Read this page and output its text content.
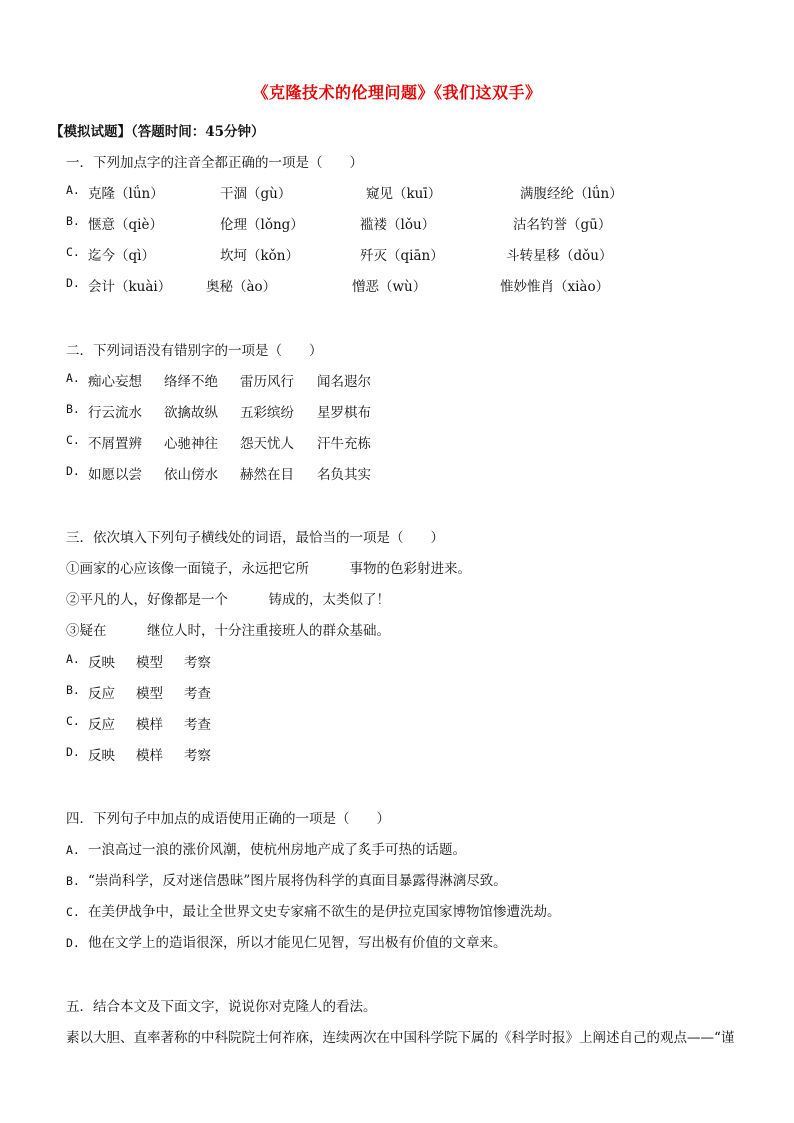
《克隆技术的伦理问题》《我们这双手》
【模拟试题】（答题时间：45分钟）
一．下列加点字的注音全都正确的一项是（　　）
A. 克隆（lǘn）	干涸（gù）	窥见（kuī）	满腹经纶（lǘn）
B. 惬意（qiè）	伦理（lǒng）	褴褛（lǒu）	沽名钓誉（gū）
C. 迄今（qì）	坎坷（kǒn）	歼灭（qiān）	斗转星移（dǒu）
D. 会计（kuài）	奥秘（ào）	憎恶（wù）	惟妙惟肖（xiào）
二．下列词语没有错别字的一项是（　　）
A. 痴心妄想 络绎不绝 雷历风行 闻名遐尔
B. 行云流水 欲擒故纵 五彩缤纷 星罗棋布
C. 不屑置辨 心驰神往 怨天忧人 汗牛充栋
D. 如愿以尝 依山傍水 赫然在目 名负其实
三．依次填入下列句子横线处的词语，最恰当的一项是（　　）
①画家的心应该像一面镜子，永远把它所　　　事物的色彩射进来。
②平凡的人，好像都是一个　　　铸成的，太类似了！
③疑在　　　继位人时，十分注重接班人的群众基础。
A. 反映 模型 考察
B. 反应 模型 考查
C. 反应 模样 考查
D. 反映 模样 考察
四．下列句子中加点的成语使用正确的一项是（　　）
A. 一浪高过一浪的涨价风潮，使杭州房地产成了炙手可热的话题。
B. “崇尚科学，反对迷信愚昧”图片展将伪科学的真面目暴露得淋漓尽致。
C. 在美伊战争中，最让全世界文史专家痛不欲生的是伊拉克国家博物馆惨遭洗劫。
D. 他在文学上的造诣很深，所以才能见仁见智，写出极有价值的文章来。
五．结合本文及下面文字，说说你对克隆人的看法。
素以大胆、直率著称的中科院院士何祚庥，连续两次在中国科学院下属的《科学时报》上阐述自己的观点——“谨
